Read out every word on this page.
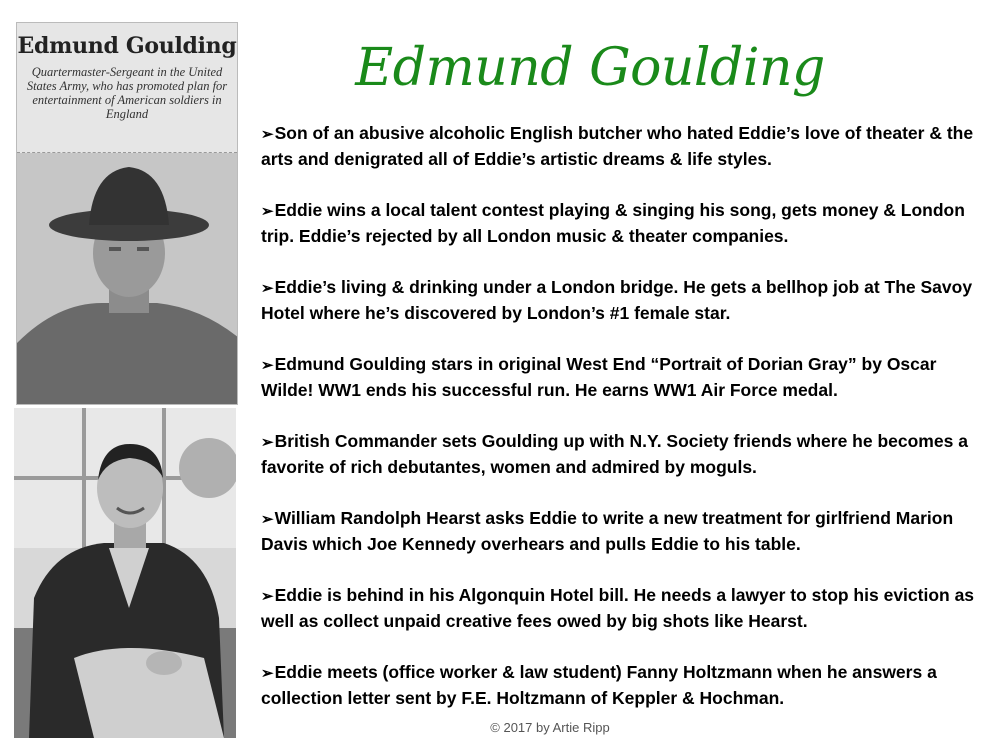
Edmund Goulding
Quartermaster-Sergeant in the United States Army, who has promoted plan for entertainment of American soldiers in England
Edmund Goulding
➢Son of an abusive alcoholic English butcher who hated Eddie’s love of theater & the arts and denigrated all of Eddie’s artistic dreams & life styles.
➢Eddie wins a local talent contest playing & singing his song, gets money & London trip. Eddie’s rejected by all London music & theater companies.
➢Eddie’s living & drinking under a London bridge. He gets a bellhop job at The Savoy Hotel where he’s discovered by London’s #1 female star.
➢Edmund Goulding stars in original West End “Portrait of Dorian Gray” by Oscar Wilde! WW1 ends his successful run. He earns WW1 Air Force medal.
➢British Commander sets Goulding up with N.Y. Society friends where he becomes a favorite of rich debutantes, women and admired by moguls.
➢William Randolph Hearst asks Eddie to write a new treatment for girlfriend Marion Davis which Joe Kennedy overhears and pulls Eddie to his table.
➢Eddie is behind in his Algonquin Hotel bill. He needs a lawyer to stop his eviction as well as collect unpaid creative fees owed by big shots like Hearst.
➢Eddie meets (office worker & law student) Fanny Holtzmann when he answers a collection letter sent by F.E. Holtzmann of Keppler & Hochman.
© 2017 by Artie Ripp
